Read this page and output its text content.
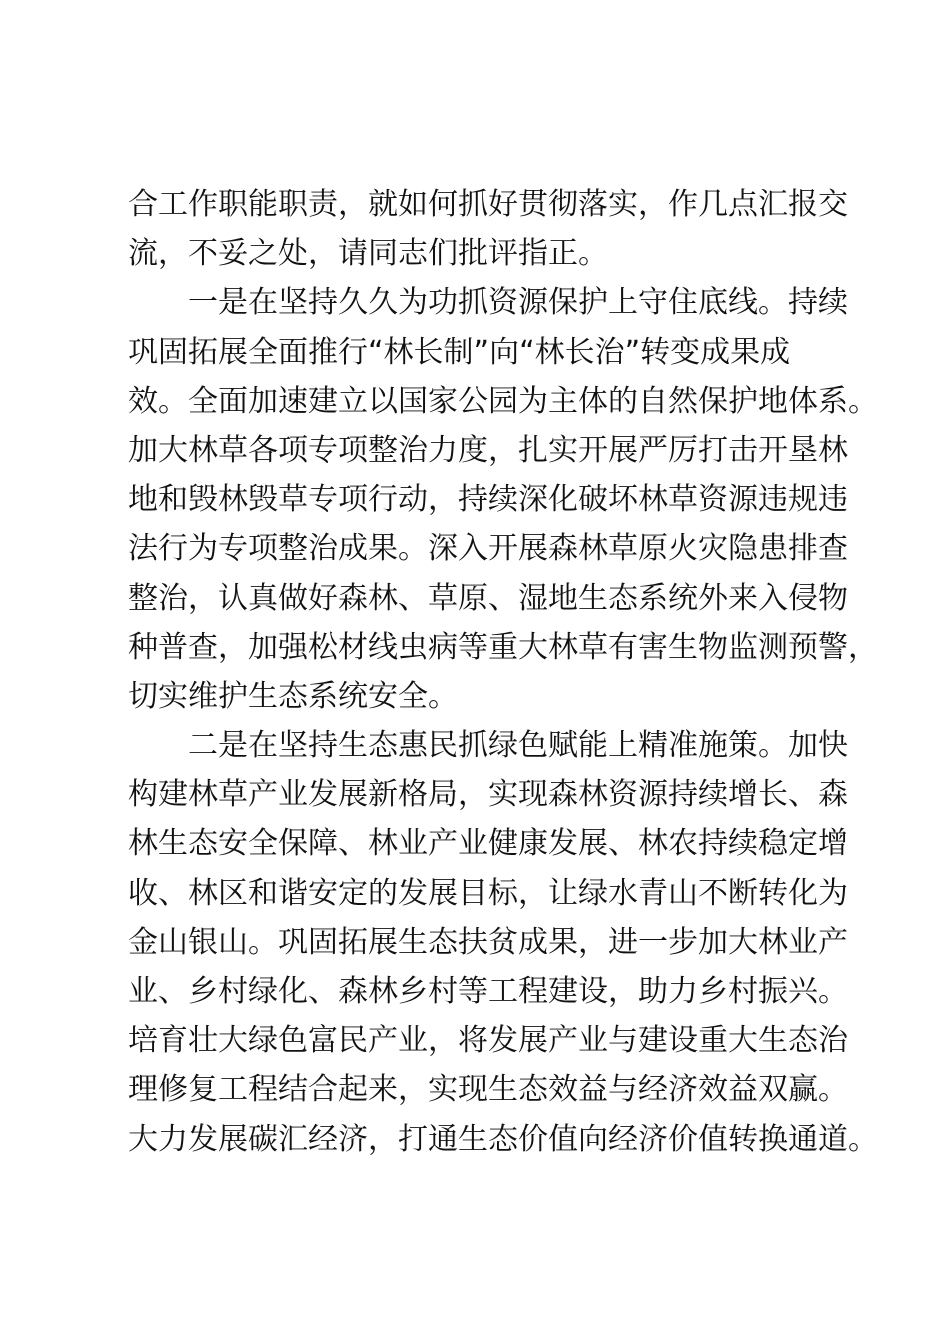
合工作职能职责，就如何抓好贯彻落实，作几点汇报交
流，不妥之处，请同志们批评指正。
一是在坚持久久为功抓资源保护上守住底线。持续
巩固拓展全面推行“林长制”向“林长治”转变成果成
效。全面加速建立以国家公园为主体的自然保护地体系。
加大林草各项专项整治力度，扎实开展严厉打击开垦林
地和毁林毁草专项行动，持续深化破坏林草资源违规违
法行为专项整治成果。深入开展森林草原火灾隐患排查
整治，认真做好森林、草原、湿地生态系统外来入侵物
种普查，加强松材线虫病等重大林草有害生物监测预警，
切实维护生态系统安全。
二是在坚持生态惠民抓绿色赋能上精准施策。加快
构建林草产业发展新格局，实现森林资源持续增长、森
林生态安全保障、林业产业健康发展、林农持续稳定增
收、林区和谐安定的发展目标，让绿水青山不断转化为
金山银山。巩固拓展生态扶贫成果，进一步加大林业产
业、乡村绿化、森林乡村等工程建设，助力乡村振兴。
培育壮大绿色富民产业，将发展产业与建设重大生态治
理修复工程结合起来，实现生态效益与经济效益双赢。
大力发展碳汇经济，打通生态价值向经济价值转换通道。
